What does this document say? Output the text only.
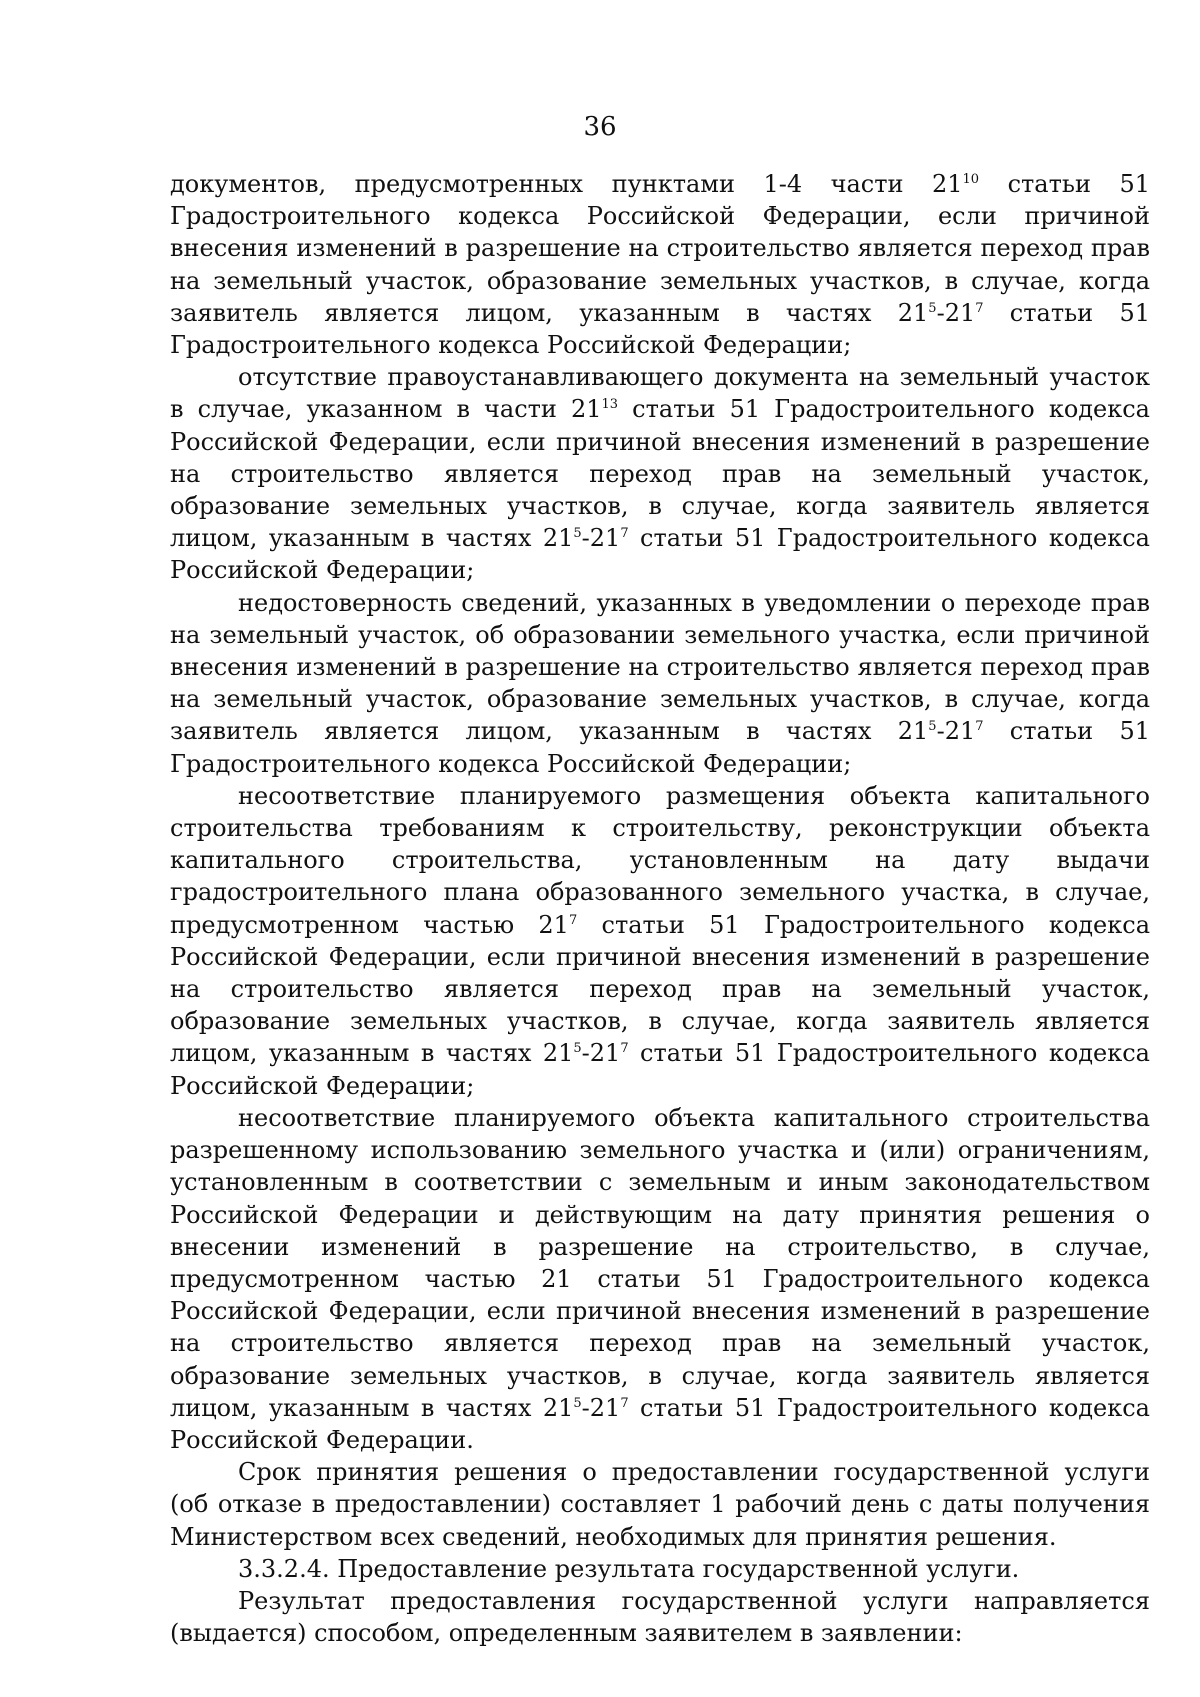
36

документов, предусмотренных пунктами 1-4 части $21^{10}$ статьи 51 Градостроительного кодекса Российской Федерации, если причиной внесения изменений в разрешение на строительство является переход прав на земельный участок, образование земельных участков, в случае, когда заявитель является лицом, указанным в частях $21^5-21^7$ статьи 51 Градостроительного кодекса Российской Федерации;

отсутствие правоустанавливающего документа на земельный участок в случае, указанном в части $21^{13}$ статьи 51 Градостроительного кодекса Российской Федерации, если причиной внесения изменений в разрешение на строительство является переход прав на земельный участок, образование земельных участков, в случае, когда заявитель является лицом, указанным в частях $21^5-21^7$ статьи 51 Градостроительного кодекса Российской Федерации;

недостоверность сведений, указанных в уведомлении о переходе прав на земельный участок, об образовании земельного участка, если причиной внесения изменений в разрешение на строительство является переход прав на земельный участок, образование земельных участков, в случае, когда заявитель является лицом, указанным в частях $21^5-21^7$ статьи 51 Градостроительного кодекса Российской Федерации;

несоответствие планируемого размещения объекта капитального строительства требованиям к строительству, реконструкции объекта капитального строительства, установленным на дату выдачи градостроительного плана образованного земельного участка, в случае, предусмотренном частью $21^7$ статьи 51 Градостроительного кодекса Российской Федерации, если причиной внесения изменений в разрешение на строительство является переход прав на земельный участок, образование земельных участков, в случае, когда заявитель является лицом, указанным в частях $21^5-21^7$ статьи 51 Градостроительного кодекса Российской Федерации;

несоответствие планируемого объекта капитального строительства разрешенному использованию земельного участка и (или) ограничениям, установленным в соответствии с земельным и иным законодательством Российской Федерации и действующим на дату принятия решения о внесении изменений в разрешение на строительство, в случае, предусмотренном частью 21 статьи 51 Градостроительного кодекса Российской Федерации, если причиной внесения изменений в разрешение на строительство является переход прав на земельный участок, образование земельных участков, в случае, когда заявитель является лицом, указанным в частях $21^5-21^7$ статьи 51 Градостроительного кодекса Российской Федерации.

Срок принятия решения о предоставлении государственной услуги (об отказе в предоставлении) составляет 1 рабочий день с даты получения Министерством всех сведений, необходимых для принятия решения.

3.3.2.4. Предоставление результата государственной услуги.

Результат предоставления государственной услуги направляется (выдается) способом, определенным заявителем в заявлении:
